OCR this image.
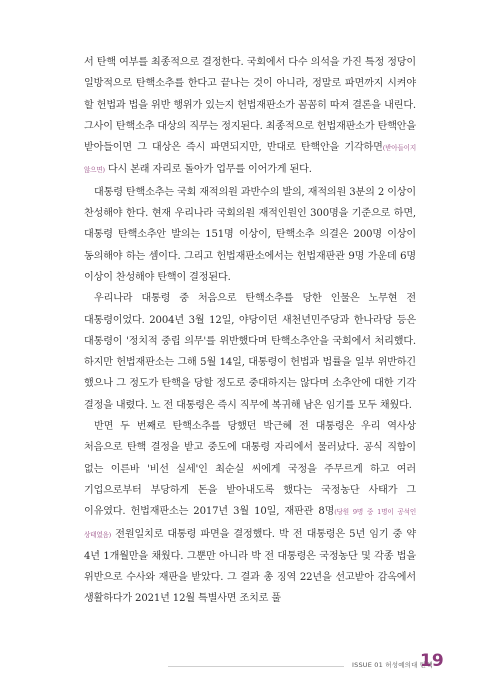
서 탄핵 여부를 최종적으로 결정한다. 국회에서 다수 의석을 가진 특정 정당이 일방적으로 탄핵소추를 한다고 끝나는 것이 아니라, 정말로 파면까지 시켜야 할 헌법과 법을 위반 행위가 있는지 헌법재판소가 꼼꼼히 따져 결론을 내린다. 그사이 탄핵소추 대상의 직무는 정지된다. 최종적으로 헌법재판소가 탄핵안을 받아들이면 그 대상은 즉시 파면되지만, 반대로 탄핵안을 기각하면(받아들이지 않으면) 다시 본래 자리로 돌아가 업무를 이어가게 된다.

대통령 탄핵소추는 국회 재적의원 과반수의 발의, 재적의원 3분의 2 이상이 찬성해야 한다. 현재 우리나라 국회의원 재적인원인 300명을 기준으로 하면, 대통령 탄핵소추안 발의는 151명 이상이, 탄핵소추 의결은 200명 이상이 동의해야 하는 셈이다. 그리고 헌법재판소에서는 헌법재판관 9명 가운데 6명 이상이 찬성해야 탄핵이 결정된다.

우리나라 대통령 중 처음으로 탄핵소추를 당한 인물은 노무현 전 대통령이었다. 2004년 3월 12일, 야당이던 새천년민주당과 한나라당 등은 대통령이 '정치적 중립 의무'를 위반했다며 탄핵소추안을 국회에서 처리했다. 하지만 헌법재판소는 그해 5월 14일, 대통령이 헌법과 법률을 일부 위반하긴 했으나 그 정도가 탄핵을 당할 정도로 중대하지는 않다며 소추안에 대한 기각 결정을 내렸다. 노 전 대통령은 즉시 직무에 복귀해 남은 임기를 모두 채웠다.

반면 두 번째로 탄핵소추를 당했던 박근혜 전 대통령은 우리 역사상 처음으로 탄핵 결정을 받고 중도에 대통령 자리에서 물러났다. 공식 직함이 없는 이른바 '비선 실세'인 최순실 씨에게 국정을 주무르게 하고 여러 기업으로부터 부당하게 돈을 받아내도록 했다는 국정농단 사태가 그 이유였다. 헌법재판소는 2017년 3월 10일, 재판관 8명(당원 9명 중 1명이 공석인 상태였음) 전원일치로 대통령 파면을 결정했다. 박 전 대통령은 5년 임기 중 약 4년 1개월만을 채웠다. 그뿐만 아니라 박 전 대통령은 국정농단 및 각종 법을 위반으로 수사와 재판을 받았다. 그 결과 총 징역 22년을 선고받아 감옥에서 생활하다가 2021년 12월 특별사면 조치로 풀

ISSUE 01 허성예의대 탄핵
19
